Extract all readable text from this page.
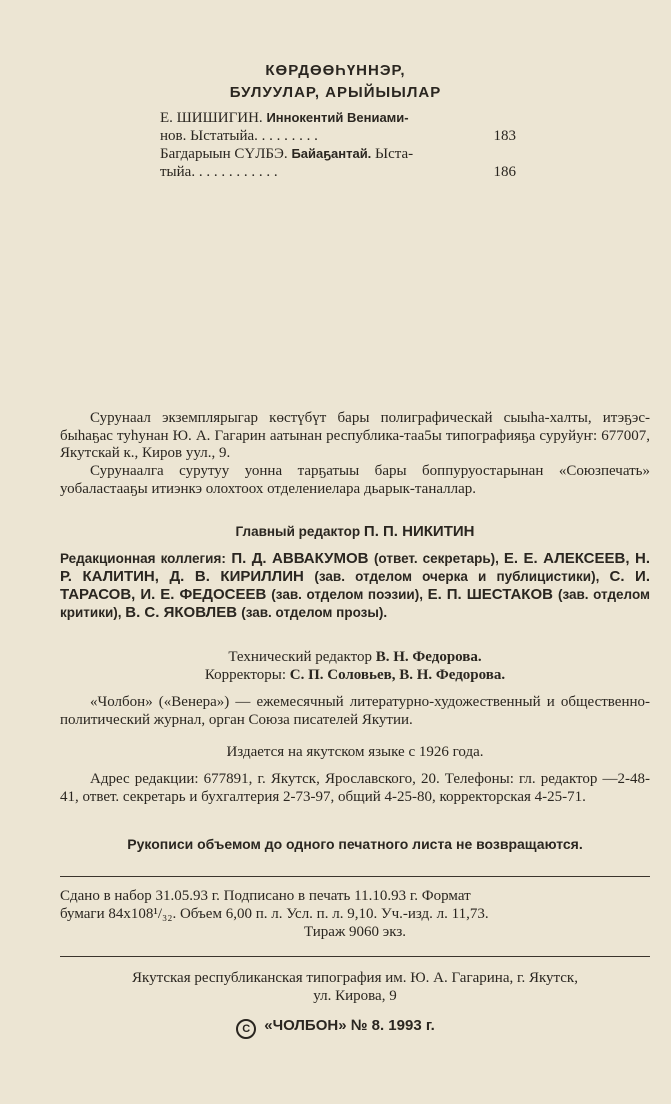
КӨРДӨӨҺҮННЭР,
БУЛУУЛАР, АРЫЙЫЫЛАР
Е. ШИШИГИН. Иннокентий Вениами-
нов. Ыстатыйа. . . . . . . . .	183
Багдарыын СҮЛБЭ. Байаҕантай. Ыста-
тыйа. . . . . . . . . . . .	186
Сурунаал экземплярыгар көстүбүт бары полиграфическай сыыһа-халты, итэҕэс-быһаҕас туһунан Ю. А. Гагарин аатынан республика-таа5ы типографияҕа суруйуҥ: 677007, Якутскай к., Киров уул., 9.
Сурунаалга сурутуу уонна тарҕатыы бары боппуруостарынан «Союзпечать» уобаластааҕы итиэнкэ олохтоох отделениелара дьарык-таналлар.
Главный редактор П. П. НИКИТИН
Редакционная коллегия: П. Д. АВВАКУМОВ (ответ. секретарь), Е. Е. АЛЕКСЕЕВ, Н. Р. КАЛИТИН, Д. В. КИРИЛЛИН (зав. отделом очерка и публицистики), С. И. ТАРАСОВ, И. Е. ФЕДОСЕЕВ (зав. отделом поэзии), Е. П. ШЕСТАКОВ (зав. отделом критики), В. С. ЯКОВЛЕВ (зав. отделом прозы).
Технический редактор В. Н. Федорова.
Корректоры: С. П. Соловьев, В. Н. Федорова.
«Чолбон» («Венера») — ежемесячный литературно-художественный и общественно-политический журнал, орган Союза писателей Якутии.
Издается на якутском языке с 1926 года.
Адрес редакции: 677891, г. Якутск, Ярославского, 20. Телефоны: гл. редактор —2-48-41, ответ. секретарь и бухгалтерия 2-73-97, общий 4-25-80, корректорская 4-25-71.
Рукописи объемом до одного печатного листа не возвращаются.
Сдано в набор 31.05.93 г. Подписано в печать 11.10.93 г. Формат
бумаги 84x108¹/₃₂. Объем 6,00 п. л. Усл. п. л. 9,10. Уч.-изд. л. 11,73.
Тираж 9060 экз.
Якутская республиканская типография им. Ю. А. Гагарина, г. Якутск,
ул. Кирова, 9
C «ЧОЛБОН» № 8. 1993 г.
